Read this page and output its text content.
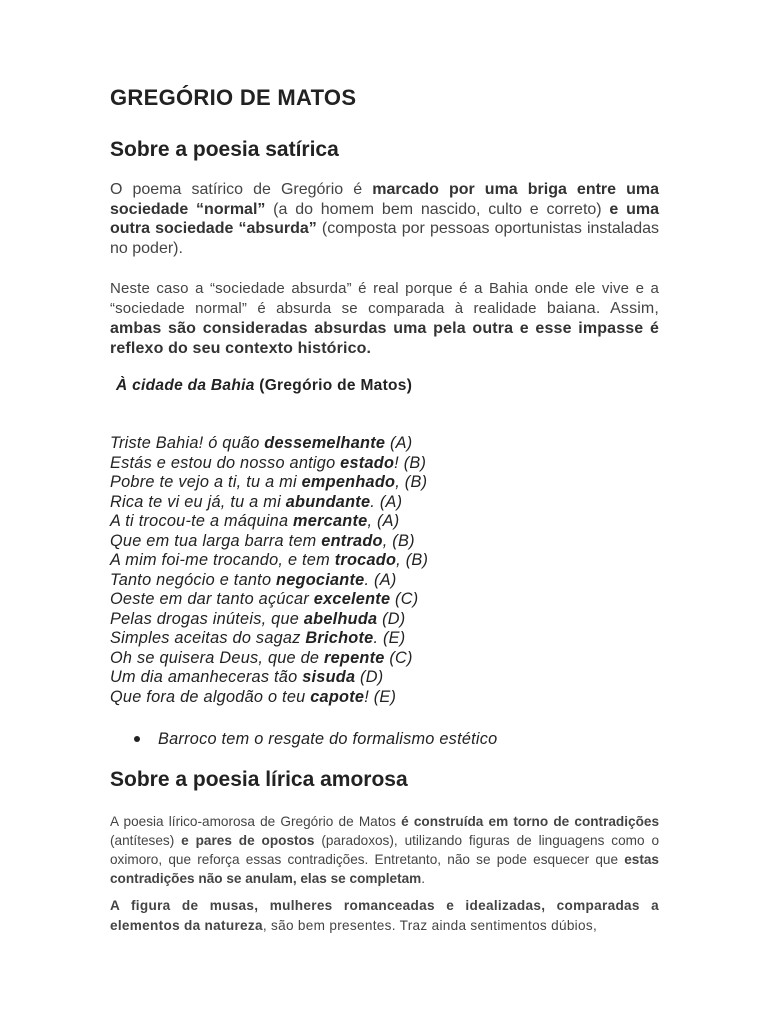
GREGÓRIO DE MATOS
Sobre a poesia satírica

O poema satírico de Gregório é marcado por uma briga entre uma sociedade “normal” (a do homem bem nascido, culto e correto) e uma outra sociedade “absurda” (composta por pessoas oportunistas instaladas no poder).

Neste caso a “sociedade absurda” é real porque é a Bahia onde ele vive e a “sociedade normal” é absurda se comparada à realidade baiana. Assim, ambas são consideradas absurdas uma pela outra e esse impasse é reflexo do seu contexto histórico.

À cidade da Bahia (Gregório de Matos)

Triste Bahia! ó quão dessemelhante (A)
Estás e estou do nosso antigo estado! (B)
Pobre te vejo a ti, tu a mi empenhado, (B)
Rica te vi eu já, tu a mi abundante. (A)
A ti trocou-te a máquina mercante, (A)
Que em tua larga barra tem entrado, (B)
A mim foi-me trocando, e tem trocado, (B)
Tanto negócio e tanto negociante. (A)
Oeste em dar tanto açúcar excelente (C)
Pelas drogas inúteis, que abelhuda (D)
Simples aceitas do sagaz Brichote. (E)
Oh se quisera Deus, que de repente (C)
Um dia amanheceras tão sisuda (D)
Que fora de algodão o teu capote! (E)
Barroco tem o resgate do formalismo estético
Sobre a poesia lírica amorosa

A poesia lírico-amorosa de Gregório de Matos é construída em torno de contradições (antíteses) e pares de opostos (paradoxos), utilizando figuras de linguagens como o oximoro, que reforça essas contradições. Entretanto, não se pode esquecer que estas contradições não se anulam, elas se completam.

A figura de musas, mulheres romanceadas e idealizadas, comparadas a elementos da natureza, são bem presentes. Traz ainda sentimentos dúbios,
